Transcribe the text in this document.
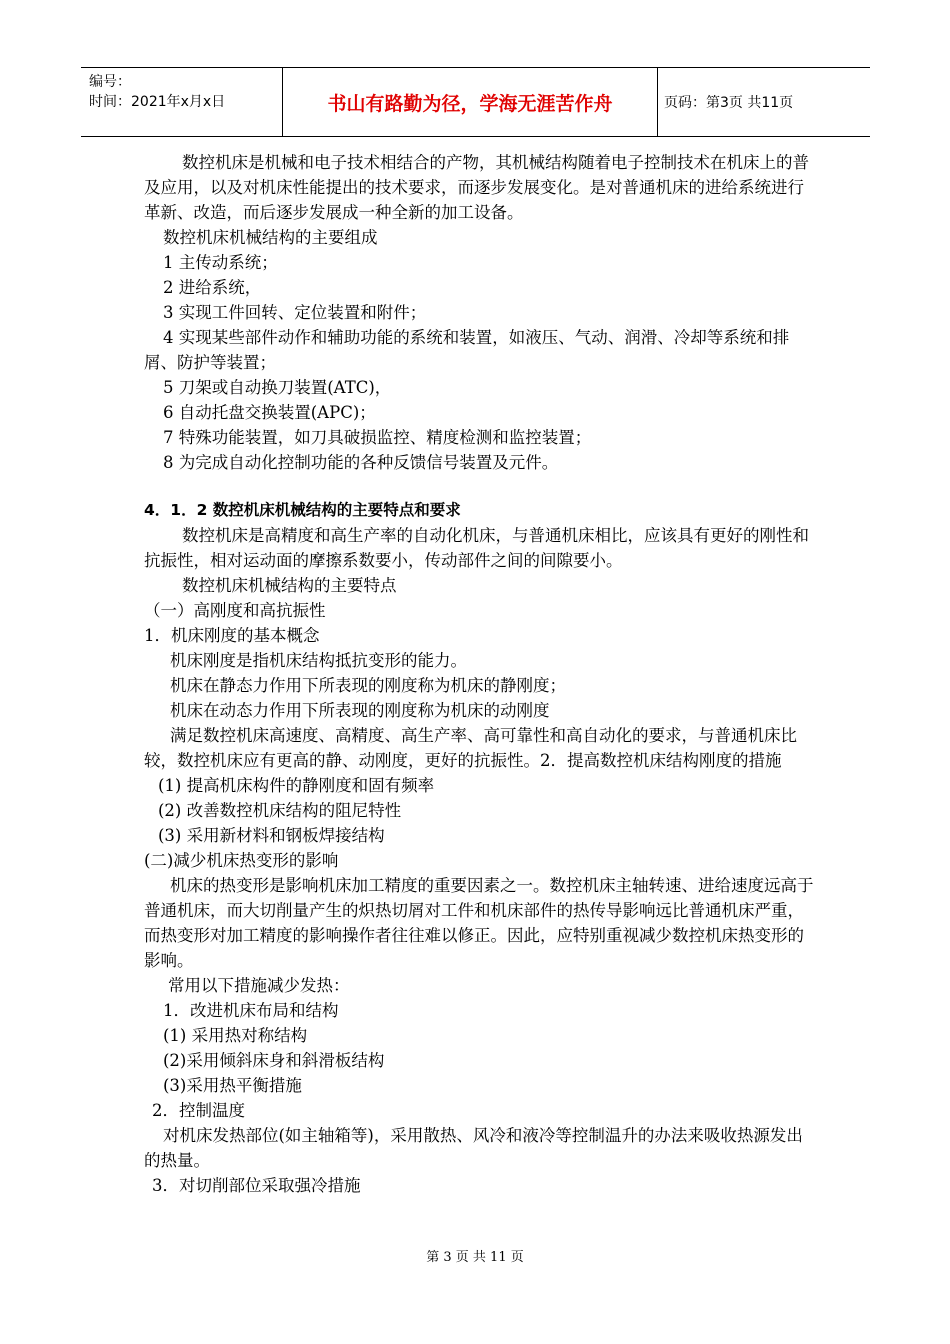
编号：
时间：2021年x月x日	书山有路勤为径，学海无涯苦作舟	页码：第3页 共11页

数控机床是机械和电子技术相结合的产物，其机械结构随着电子控制技术在机床上的普及应用，以及对机床性能提出的技术要求，而逐步发展变化。是对普通机床的进给系统进行革新、改造，而后逐步发展成一种全新的加工设备。

数控机床机械结构的主要组成

1 主传动系统；

2 进给系统，

3 实现工件回转、定位装置和附件；

4 实现某些部件动作和辅助功能的系统和装置，如液压、气动、润滑、冷却等系统和排屑、防护等装置；

5 刀架或自动换刀装置(ATC)，

6 自动托盘交换装置(APC)；

7 特殊功能装置，如刀具破损监控、精度检测和监控装置；

8 为完成自动化控制功能的各种反馈信号装置及元件。

4．1．2 数控机床机械结构的主要特点和要求

数控机床是高精度和高生产率的自动化机床，与普通机床相比，应该具有更好的刚性和抗振性，相对运动面的摩擦系数要小，传动部件之间的间隙要小。

数控机床机械结构的主要特点

（一）高刚度和高抗振性

1．机床刚度的基本概念

机床刚度是指机床结构抵抗变形的能力。

机床在静态力作用下所表现的刚度称为机床的静刚度；

机床在动态力作用下所表现的刚度称为机床的动刚度

满足数控机床高速度、高精度、高生产率、高可靠性和高自动化的要求，与普通机床比较，数控机床应有更高的静、动刚度，更好的抗振性。2．提高数控机床结构刚度的措施

(1) 提高机床构件的静刚度和固有频率

(2) 改善数控机床结构的阻尼特性

(3) 采用新材料和钢板焊接结构

(二)减少机床热变形的影响

机床的热变形是影响机床加工精度的重要因素之一。数控机床主轴转速、进给速度远高于普通机床，而大切削量产生的炽热切屑对工件和机床部件的热传导影响远比普通机床严重，而热变形对加工精度的影响操作者往往难以修正。因此，应特别重视减少数控机床热变形的影响。

常用以下措施减少发热：

1．改进机床布局和结构

(1) 采用热对称结构

(2)采用倾斜床身和斜滑板结构

(3)采用热平衡措施

2．控制温度

对机床发热部位(如主轴箱等)，采用散热、风冷和液冷等控制温升的办法来吸收热源发出的热量。

3．对切削部位采取强冷措施

第 3 页 共 11 页
